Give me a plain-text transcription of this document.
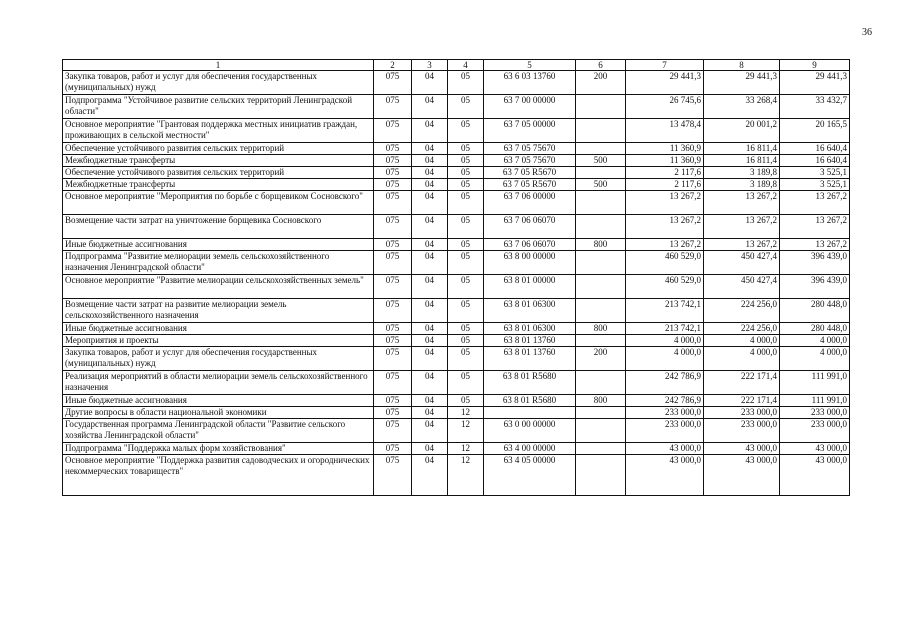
36
1	2	3	4	5	6	7	8	9
Закупка товаров, работ и услуг для обеспечения государственных (муниципальных) нужд	075	04	05	63 6 03 13760	200	29 441,3	29 441,3	29 441,3
Подпрограмма "Устойчивое развитие сельских территорий Ленинградской области"	075	04	05	63 7 00 00000		26 745,6	33 268,4	33 432,7
Основное мероприятие "Грантовая поддержка местных инициатив граждан, проживающих в сельской местности"	075	04	05	63 7 05 00000		13 478,4	20 001,2	20 165,5
Обеспечение устойчивого развития сельских территорий	075	04	05	63 7 05 75670		11 360,9	16 811,4	16 640,4
Межбюджетные трансферты	075	04	05	63 7 05 75670	500	11 360,9	16 811,4	16 640,4
Обеспечение устойчивого развития сельских территорий	075	04	05	63 7 05 R5670		2 117,6	3 189,8	3 525,1
Межбюджетные трансферты	075	04	05	63 7 05 R5670	500	2 117,6	3 189,8	3 525,1
Основное мероприятие "Мероприятия по борьбе с борщевиком Сосновского"	075	04	05	63 7 06 00000		13 267,2	13 267,2	13 267,2
Возмещение части затрат на уничтожение борщевика Сосновского	075	04	05	63 7 06 06070		13 267,2	13 267,2	13 267,2
Иные бюджетные ассигнования	075	04	05	63 7 06 06070	800	13 267,2	13 267,2	13 267,2
Подпрограмма "Развитие мелиорации земель сельскохозяйственного назначения Ленинградской области"	075	04	05	63 8 00 00000		460 529,0	450 427,4	396 439,0
Основное мероприятие "Развитие мелиорации сельскохозяйственных земель"	075	04	05	63 8 01 00000		460 529,0	450 427,4	396 439,0
Возмещение части затрат на развитие мелиорации земель сельскохозяйственного назначения	075	04	05	63 8 01 06300		213 742,1	224 256,0	280 448,0
Иные бюджетные ассигнования	075	04	05	63 8 01 06300	800	213 742,1	224 256,0	280 448,0
Мероприятия и проекты	075	04	05	63 8 01 13760		4 000,0	4 000,0	4 000,0
Закупка товаров, работ и услуг для обеспечения государственных (муниципальных) нужд	075	04	05	63 8 01 13760	200	4 000,0	4 000,0	4 000,0
Реализация мероприятий в области мелиорации земель сельскохозяйственного назначения	075	04	05	63 8 01 R5680		242 786,9	222 171,4	111 991,0
Иные бюджетные ассигнования	075	04	05	63 8 01 R5680	800	242 786,9	222 171,4	111 991,0
Другие вопросы в области национальной экономики	075	04	12			233 000,0	233 000,0	233 000,0
Государственная программа Ленинградской области "Развитие сельского хозяйства Ленинградской области"	075	04	12	63 0 00 00000		233 000,0	233 000,0	233 000,0
Подпрограмма "Поддержка малых форм хозяйствования"	075	04	12	63 4 00 00000		43 000,0	43 000,0	43 000,0
Основное мероприятие "Поддержка развития садоводческих и огороднических некоммерческих товариществ"	075	04	12	63 4 05 00000		43 000,0	43 000,0	43 000,0
